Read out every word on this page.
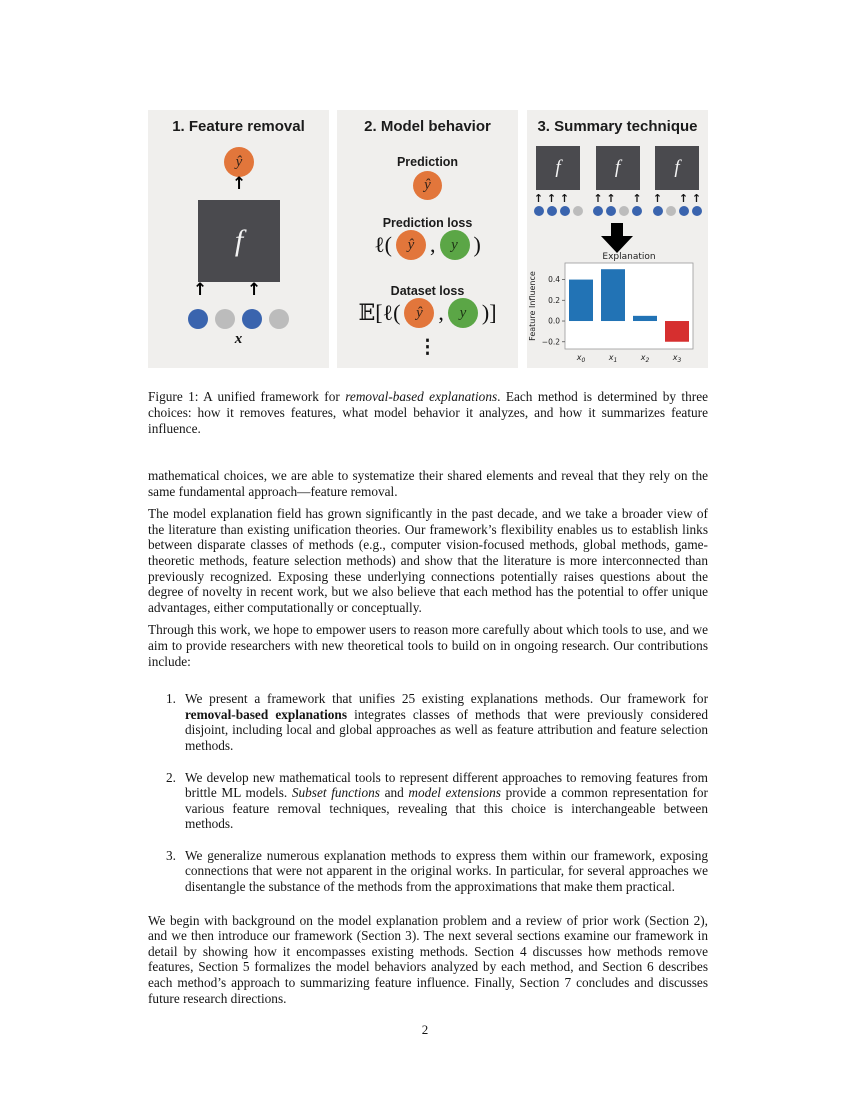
1. Feature removal
ŷ
↑
f
↑ ↑
x
2. Model behavior
Prediction
ŷ
Prediction loss
ℓ( ŷ , y )
Dataset loss
𝔼[ℓ( ŷ , y )]
⋮
3. Summary technique
f
↑ ↑ ↑
f
↑ ↑ ↑
f
↑ ↑ ↑
Explanation
Feature Influence 0.4
0.2
0.0
−0.2
$x_0$	$x_1$	$x_2$	$x_3$
Figure 1: A unified framework for removal-based explanations. Each method is determined by three choices: how it removes features, what model behavior it analyzes, and how it summarizes feature influence.

mathematical choices, we are able to systematize their shared elements and reveal that they rely on the same fundamental approach—feature removal.

The model explanation field has grown significantly in the past decade, and we take a broader view of the literature than existing unification theories. Our framework’s flexibility enables us to establish links between disparate classes of methods (e.g., computer vision-focused methods, global methods, game-theoretic methods, feature selection methods) and show that the literature is more interconnected than previously recognized. Exposing these underlying connections potentially raises questions about the degree of novelty in recent work, but we also believe that each method has the potential to offer unique advantages, either computationally or conceptually.

Through this work, we hope to empower users to reason more carefully about which tools to use, and we aim to provide researchers with new theoretical tools to build on in ongoing research. Our contributions include:

1. We present a framework that unifies 25 existing explanations methods. Our framework for removal-based explanations integrates classes of methods that were previously considered disjoint, including local and global approaches as well as feature attribution and feature selection methods.
2. We develop new mathematical tools to represent different approaches to removing features from brittle ML models. Subset functions and model extensions provide a common representation for various feature removal techniques, revealing that this choice is interchangeable between methods.
3. We generalize numerous explanation methods to express them within our framework, exposing connections that were not apparent in the original works. In particular, for several approaches we disentangle the substance of the methods from the approximations that make them practical.

We begin with background on the model explanation problem and a review of prior work (Section 2), and we then introduce our framework (Section 3). The next several sections examine our framework in detail by showing how it encompasses existing methods. Section 4 discusses how methods remove features, Section 5 formalizes the model behaviors analyzed by each method, and Section 6 describes each method’s approach to summarizing feature influence. Finally, Section 7 concludes and discusses future research directions.

2
